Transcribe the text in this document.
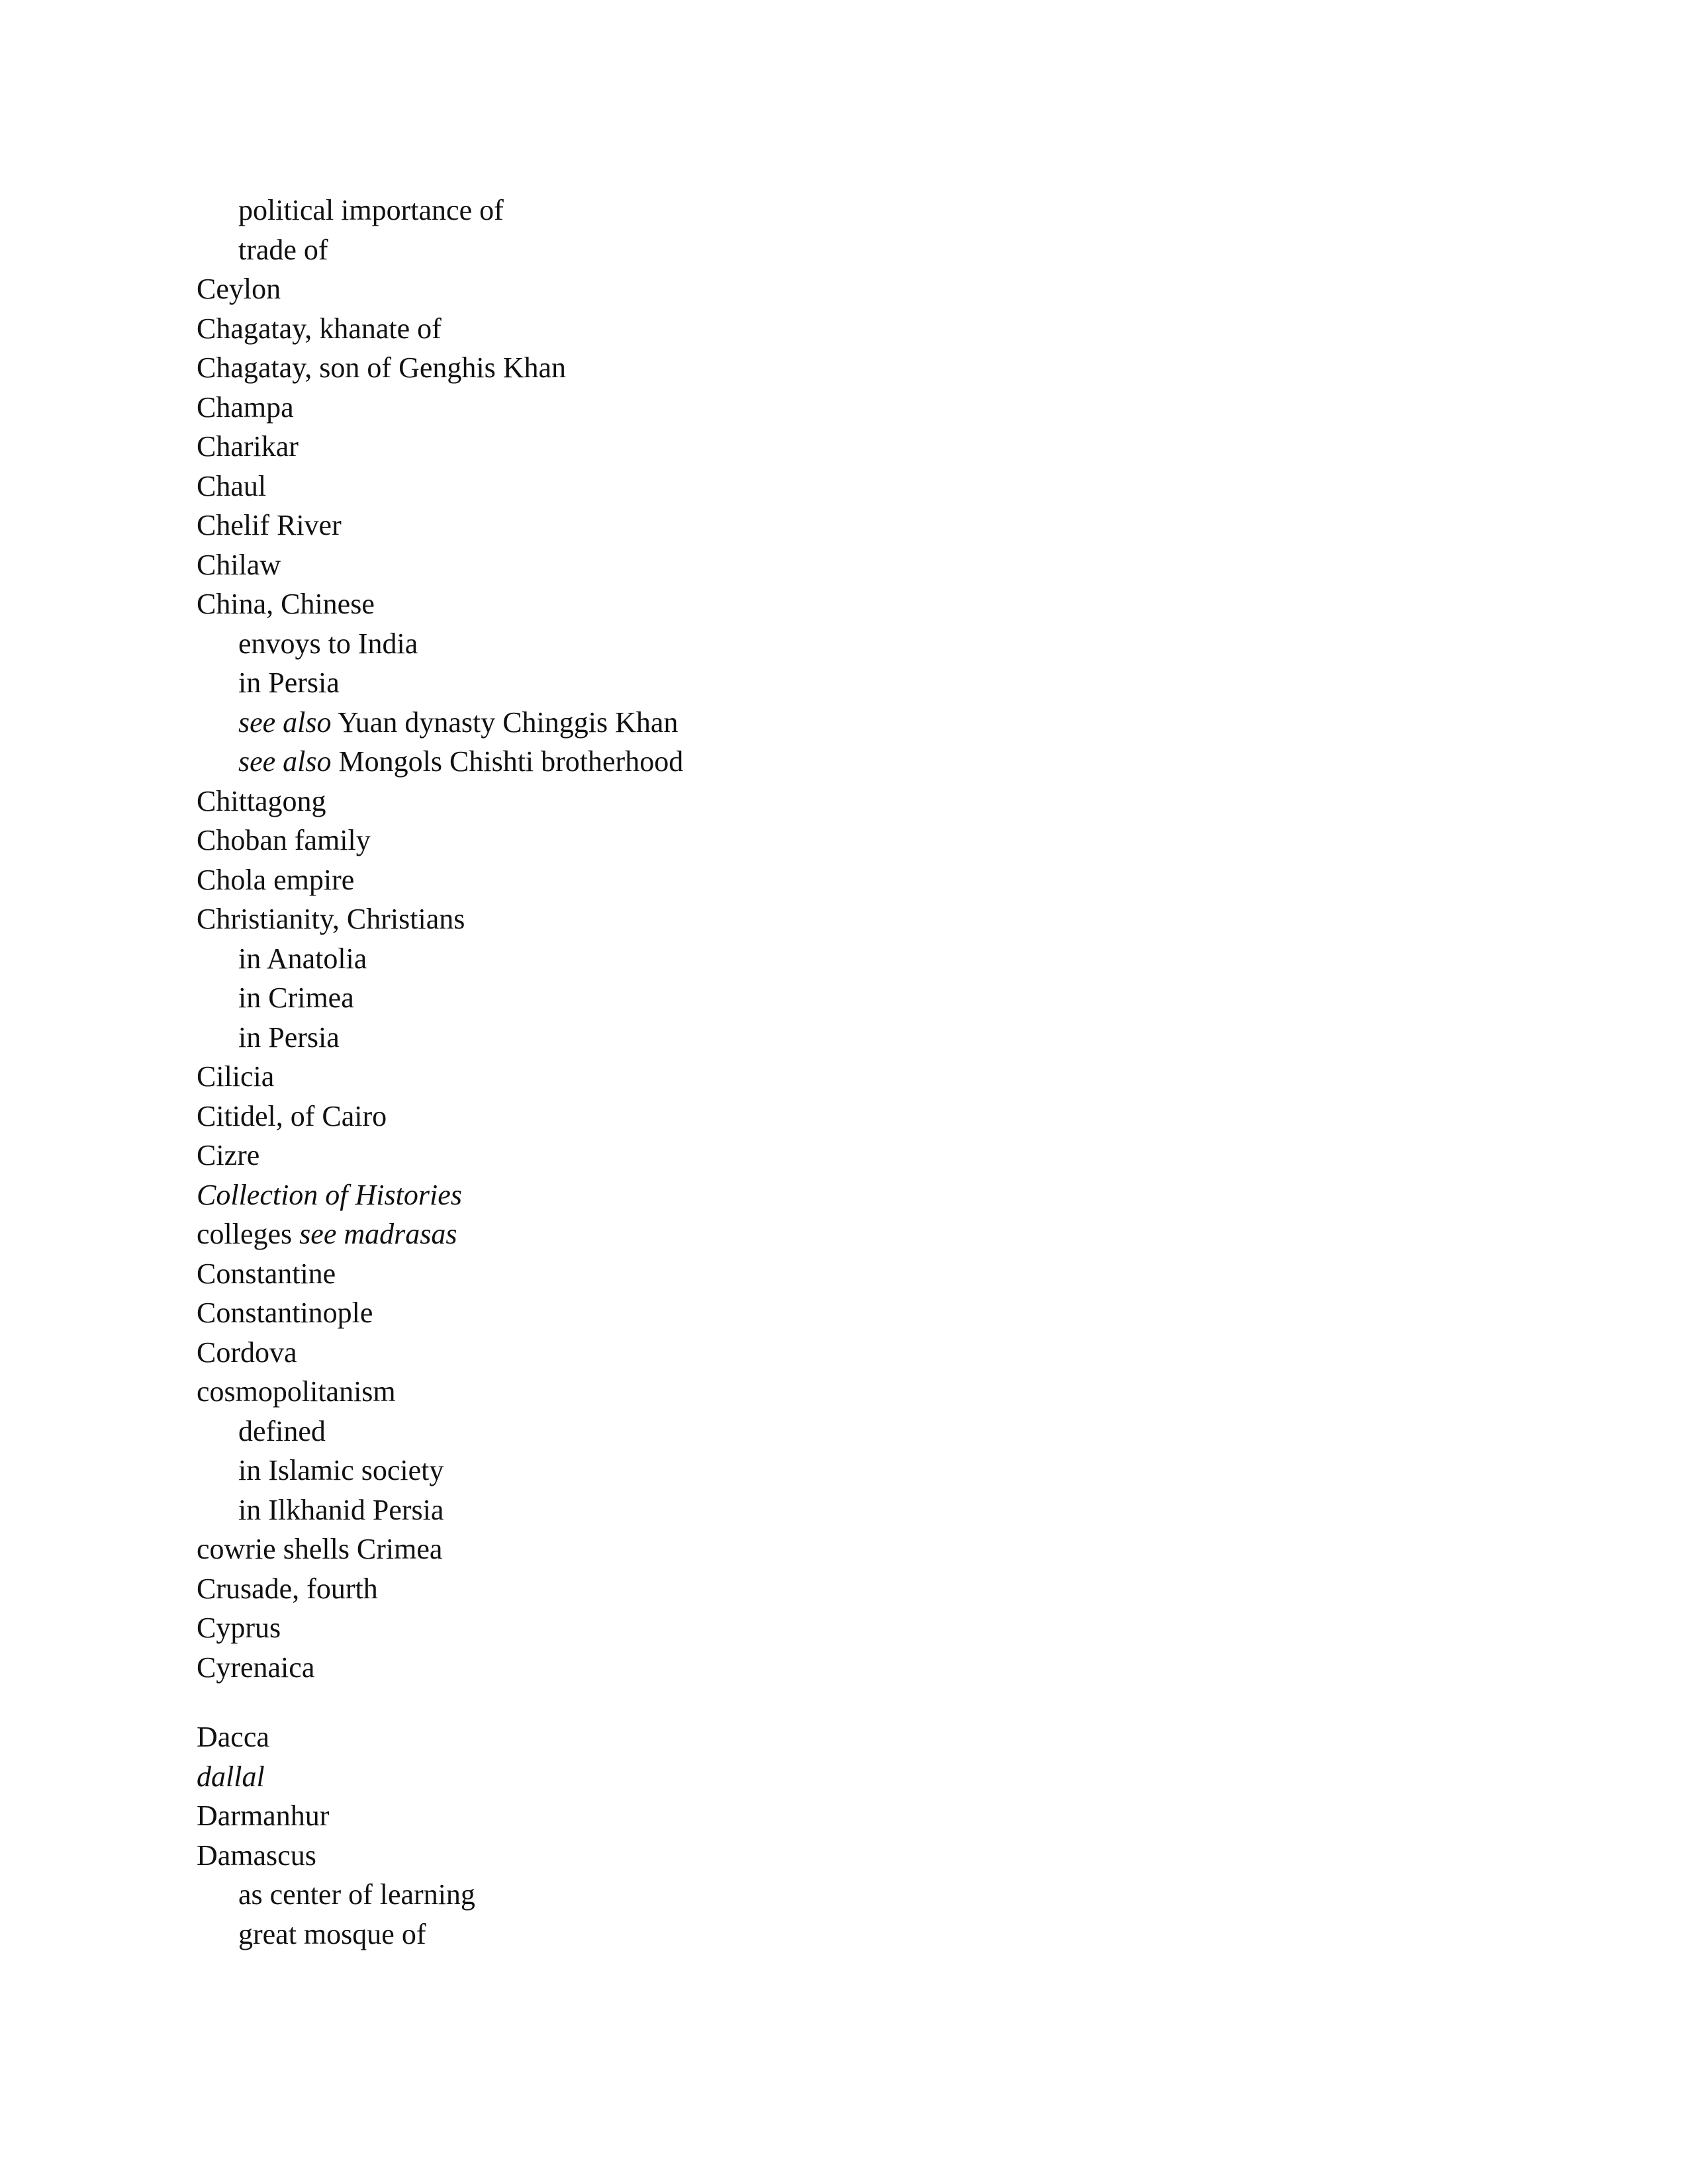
political importance of
trade of
Ceylon
Chagatay, khanate of
Chagatay, son of Genghis Khan
Champa
Charikar
Chaul
Chelif River
Chilaw
China, Chinese
envoys to India
in Persia
see also Yuan dynasty Chinggis Khan
see also Mongols Chishti brotherhood
Chittagong
Choban family
Chola empire
Christianity, Christians
in Anatolia
in Crimea
in Persia
Cilicia
Citidel, of Cairo
Cizre
Collection of Histories
colleges see madrasas
Constantine
Constantinople
Cordova
cosmopolitanism
defined
in Islamic society
in Ilkhanid Persia
cowrie shells Crimea
Crusade, fourth
Cyprus
Cyrenaica
Dacca
dallal
Darmanhur
Damascus
as center of learning
great mosque of
